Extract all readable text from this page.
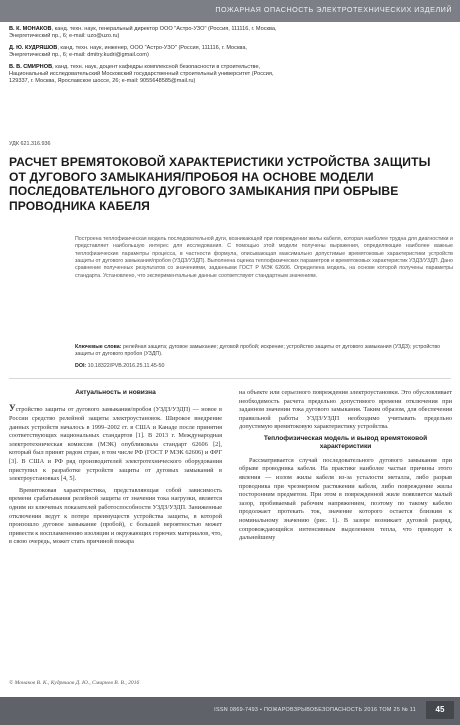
ПОЖАРНАЯ ОПАСНОСТЬ ЭЛЕКТРОТЕХНИЧЕСКИХ ИЗДЕЛИЙ
В. К. МОНАКОВ, канд. техн. наук, генеральный директор ООО "Астро-УЗО" (Россия, 111116, г. Москва, Энергетический пр., 6; e-mail: uzo@uzo.ru)
Д. Ю. КУДРЯШОВ, канд. техн. наук, инженер, ООО "Астро-УЗО" (Россия, 111116, г. Москва, Энергетический пр., 6; e-mail: dmitry.kudri@gmail.com)
В. В. СМИРНОВ, канд. техн. наук, доцент кафедры комплексной безопасности в строительстве, Национальный исследовательский Московский государственный строительный университет (Россия, 129337, г. Москва, Ярославское шоссе, 26; e-mail: 9055648585@mail.ru)
УДК 621.316.936
РАСЧЕТ ВРЕМЯТОКОВОЙ ХАРАКТЕРИСТИКИ УСТРОЙСТВА ЗАЩИТЫ ОТ ДУГОВОГО ЗАМЫКАНИЯ/ПРОБОЯ НА ОСНОВЕ МОДЕЛИ ПОСЛЕДОВАТЕЛЬНОГО ДУГОВОГО ЗАМЫКАНИЯ ПРИ ОБРЫВЕ ПРОВОДНИКА КАБЕЛЯ
Построена теплофизическая модель последовательной дуги, возникающей при повреждении жилы кабеля, которая наиболее трудна для диагностики и представляет наибольшую интерес для исследования. С помощью этой модели получены выражения, определяющие наиболее важные теплофизические параметры процесса, в частности формула, описывающая максимально допустимые времятоковые характеристики устройств защиты от дугового замыкания/пробоя (УЗДЗ/УЗДП). Выполнена оценка теплофизических параметров и времятоковых характеристик УЗДЗ/УЗДП. Дано сравнение полученных результатов со значениями, заданными ГОСТ Р МЭК 62606. Определена модель, на основе которой получены параметры стандарта. Установлено, что экспериментальные данные соответствуют стандартным значениям.
Ключевые слова: релейная защита; дуговое замыкание; дуговой пробой; искрение; устройство защиты от дугового замыкания (УЗДЗ); устройство защиты от дугового пробоя (УЗДП).
DOI: 10.18322/PVB.2016.25.11.45-50
Актуальность и новизна

Устройство защиты от дугового замыкания/пробоя (УЗДЗ/УЗДП) — новое в России средство релейной защиты электроустановок. Широкое внедрение данных устройств началось в 1999–2002 гг. в США и Канаде после принятия соответствующих национальных стандартов [1]. В 2013 г. Международная электротехническая комиссия (МЭК) опубликовала стандарт 62606 [2], который был принят рядом стран, в том числе РФ (ГОСТ Р МЭК 62606) и ФРГ [3]. В США и РФ ряд производителей электротехнического оборудования приступил к разработке устройств защиты от дуговых замыканий в электроустановках [4, 5].

Времятоковая характеристика, представляющая собой зависимость времени срабатывания релейной защиты от значения тока нагрузки, является одним из ключевых показателей работоспособности УЗДЗ/УЗДП. Заниженные отключения ведут к потере преимуществ устройства защиты, в которой произошло дуговое замыкание (пробой), с большей вероятностью может привести к воспламенению изоляции и окружающих горючих материалов, что, в свою очередь, может стать причиной пожара

на объекте или серьезного повреждения электроустановки. Это обусловливает необходимость расчета предельно допустимого времени отключения при заданном значении тока дугового замыкания. Таким образом, для обеспечения правильной работы УЗДЗ/УЗДП необходимо учитывать предельно допустимую времятоковую характеристику устройства.

Теплофизическая модель и вывод времятоковой характеристики

Рассматривается случай последовательного дугового замыкания при обрыве проводника кабеля. На практике наиболее частые причины этого явления — излом жилы кабеля из-за усталости металла, либо разрыв проводника при чрезмерном растяжении кабеля, либо повреждение жилы посторонним предметом. При этом в поврежденной жиле появляется малый зазор, пробиваемый рабочим напряжением, поэтому по такому кабелю продолжает протекать ток, значение которого остается близким к номинальному значению (рис. 1). В зазоре возникает дуговой разряд, сопровождающийся интенсивным выделением тепла, что приводит к дальнейшему

© Монаков В. К., Кудряшов Д. Ю., Смирнов В. В., 2016
ISSN 0869-7493 • ПОЖАРОВЗРЫВОБЕЗОПАСНОСТЬ 2016 ТОМ 25 № 11	45
